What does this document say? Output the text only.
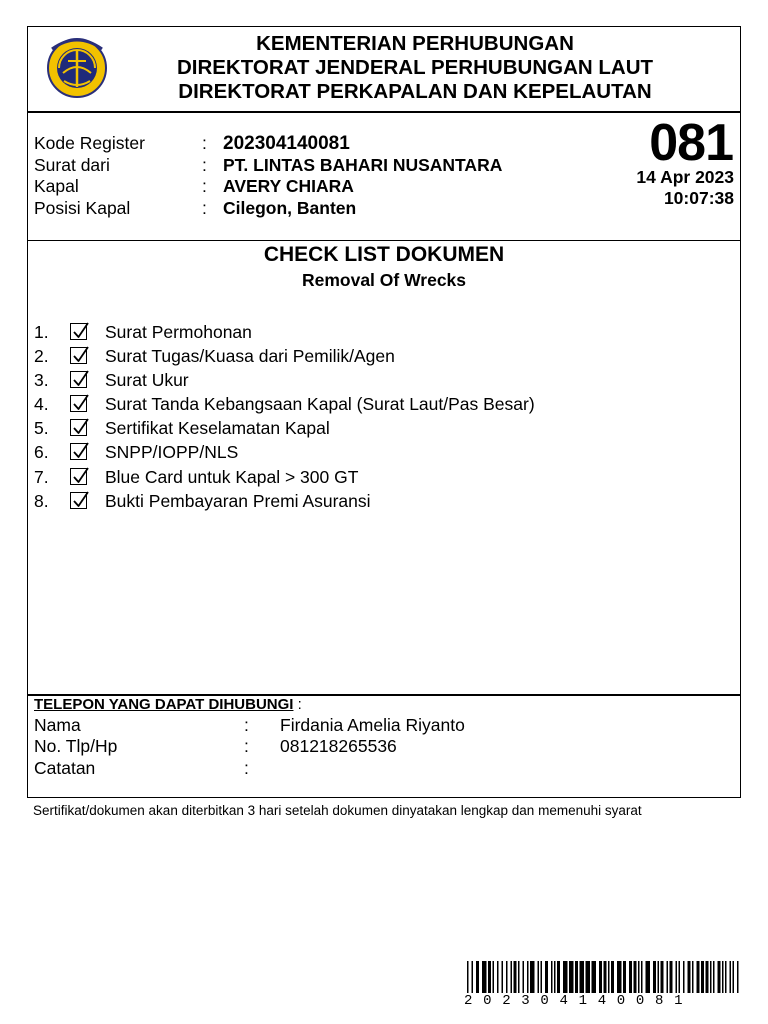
KEMENTERIAN PERHUBUNGAN
DIREKTORAT JENDERAL PERHUBUNGAN LAUT
DIREKTORAT PERKAPALAN DAN KEPELAUTAN
Kode Register	: 202304140081
Surat dari	: PT. LINTAS BAHARI NUSANTARA
Kapal	: AVERY CHIARA
Posisi Kapal	: Cilegon, Banten
081
14 Apr 2023
10:07:38
CHECK LIST DOKUMEN
Removal Of Wrecks
1.	Surat Permohonan
2.	Surat Tugas/Kuasa dari Pemilik/Agen
3.	Surat Ukur
4.	Surat Tanda Kebangsaan Kapal (Surat Laut/Pas Besar)
5.	Sertifikat Keselamatan Kapal
6.	SNPP/IOPP/NLS
7.	Blue Card untuk Kapal > 300 GT
8.	Bukti Pembayaran Premi Asuransi
TELEPON YANG DAPAT DIHUBUNGI :
Nama	: Firdania Amelia Riyanto
No. Tlp/Hp	: 081218265536
Catatan	:
Sertifikat/dokumen akan diterbitkan 3 hari setelah dokumen dinyatakan lengkap dan memenuhi syarat
202304140081
